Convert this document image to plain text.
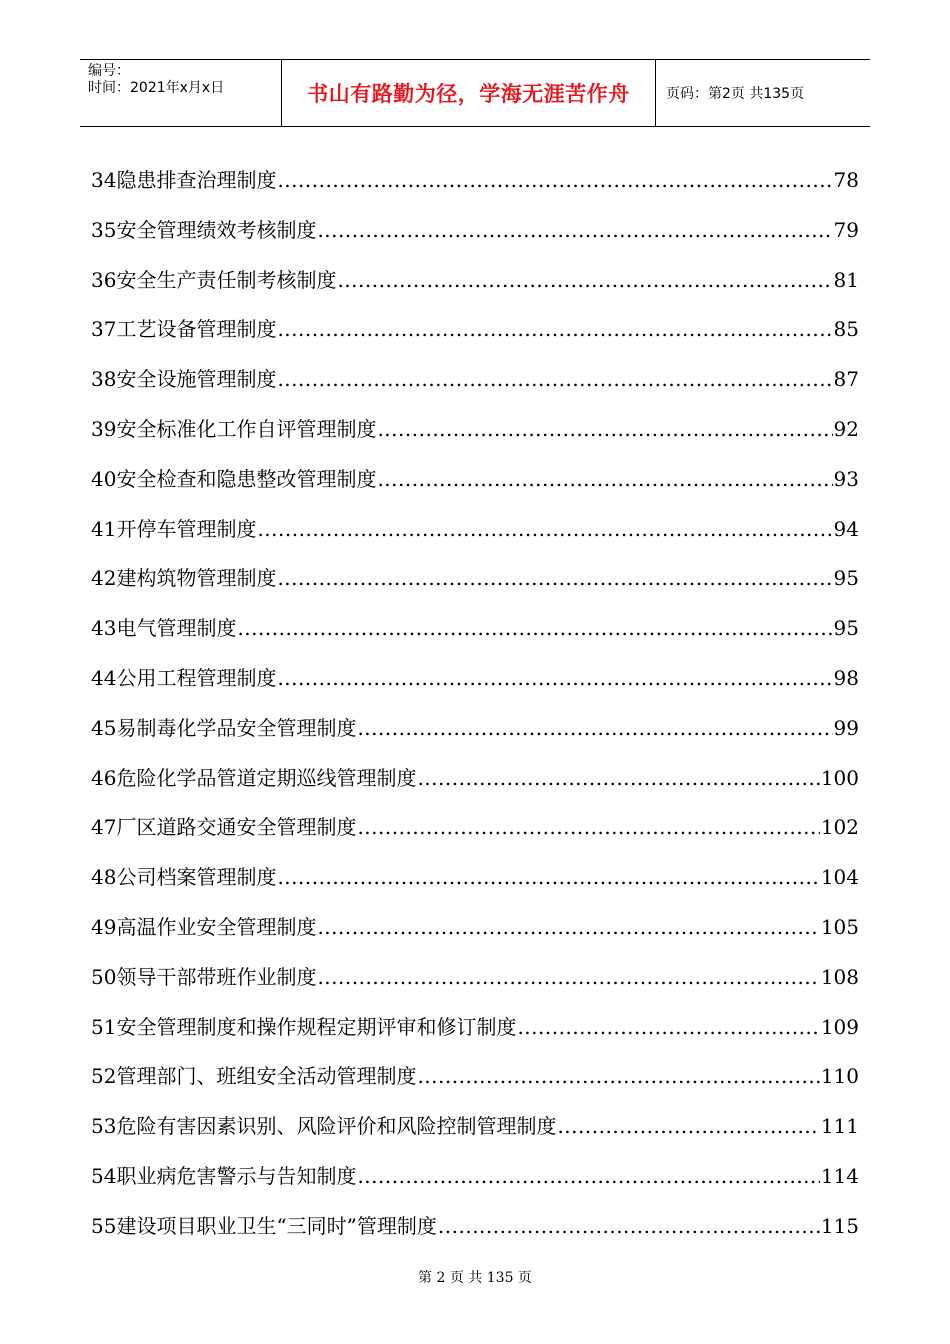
编号：
时间：2021年x月x日	书山有路勤为径，学海无涯苦作舟	页码：第2页 共135页
34 隐患排查治理制度 .....	78
35 安全管理绩效考核制度 .....	79
36 安全生产责任制考核制度 .....	81
37 工艺设备管理制度 .....	85
38 安全设施管理制度 .....	87
39 安全标准化工作自评管理制度 .....	92
40 安全检查和隐患整改管理制度 .....	93
41 开停车管理制度 .....	94
42 建构筑物管理制度 .....	95
43 电气管理制度 .....	95
44 公用工程管理制度 .....	98
45 易制毒化学品安全管理制度 .....	99
46 危险化学品管道定期巡线管理制度 .....	100
47 厂区道路交通安全管理制度 .....	102
48 公司档案管理制度 .....	104
49 高温作业安全管理制度 .....	105
50 领导干部带班作业制度 .....	108
51 安全管理制度和操作规程定期评审和修订制度 .....	109
52 管理部门、班组安全活动管理制度 .....	110
53 危险有害因素识别、风险评价和风险控制管理制度 .....	111
54 职业病危害警示与告知制度 .....	114
55 建设项目职业卫生“三同时”管理制度 .....	115
第 2 页 共 135 页
